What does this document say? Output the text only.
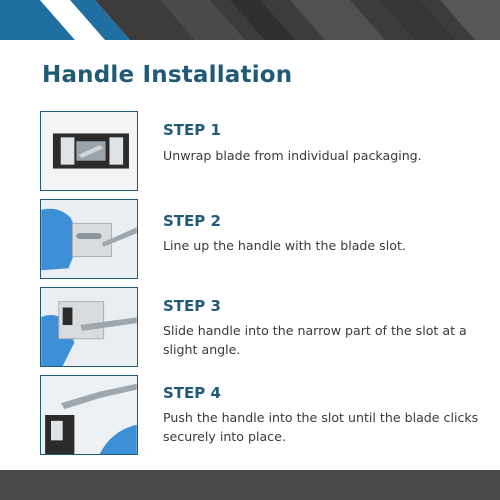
Handle Installation
STEP 1
Unwrap blade from individual packaging.
STEP 2
Line up the handle with the blade slot.
STEP 3
Slide handle into the narrow part of the slot at a slight angle.
STEP 4
Push the handle into the slot until the blade clicks securely into place.
